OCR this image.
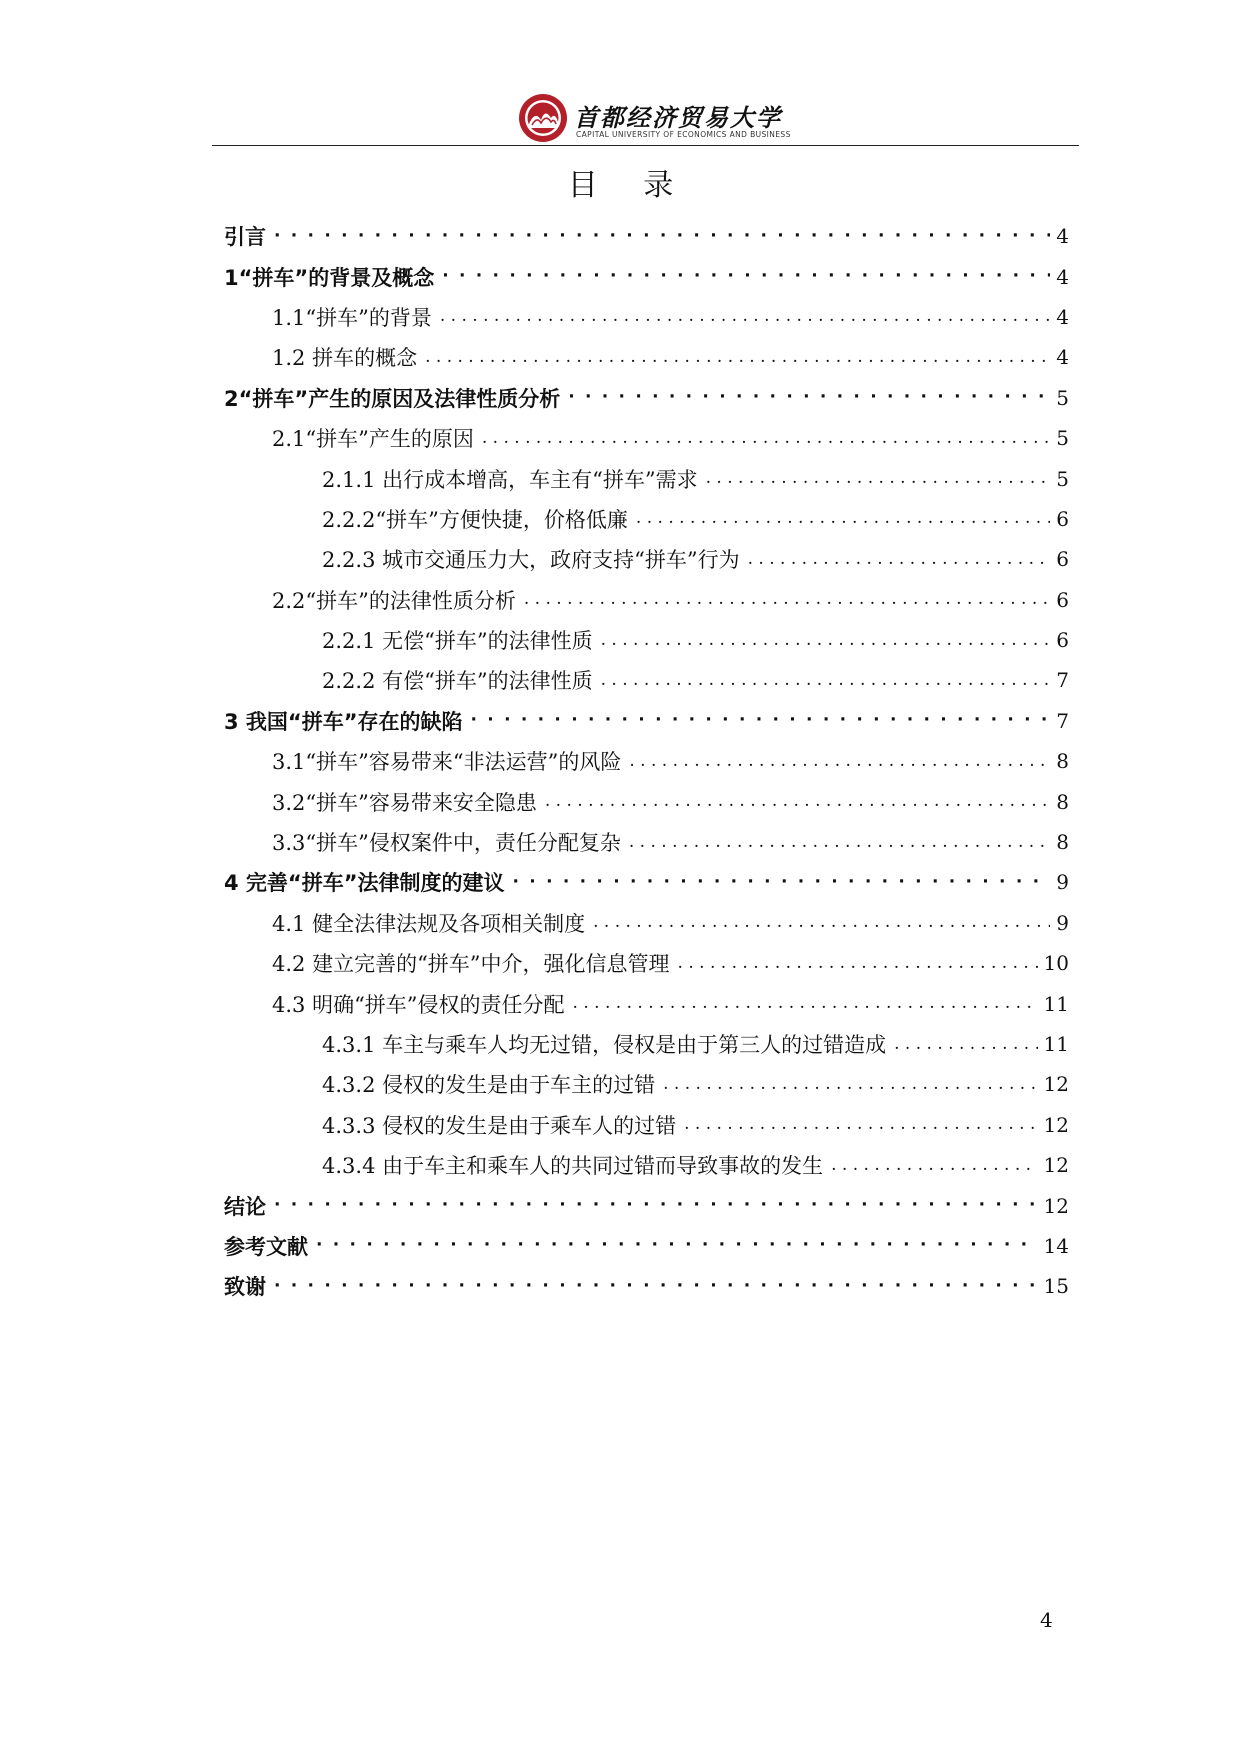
首都经济贸易大学
CAPITAL UNIVERSITY OF ECONOMICS AND BUSINESS
目 录
引言 · · ·	4
1“拼车”的背景及概念 · · ·	4
1.1“拼车”的背景 . . .	4
1.2 拼车的概念 . . .	4
2“拼车”产生的原因及法律性质分析 · · ·	5
2.1“拼车”产生的原因 . . .	5
2.1.1 出行成本增高，车主有“拼车”需求 . . .	5
2.2.2“拼车”方便快捷，价格低廉 . . .	6
2.2.3 城市交通压力大，政府支持“拼车”行为 . . .	6
2.2“拼车”的法律性质分析 . . .	6
2.2.1 无偿“拼车”的法律性质 . . .	6
2.2.2 有偿“拼车”的法律性质 . . .	7
3 我国“拼车”存在的缺陷 · · ·	7
3.1“拼车”容易带来“非法运营”的风险 . . .	8
3.2“拼车”容易带来安全隐患 . . .	8
3.3“拼车”侵权案件中，责任分配复杂 . . .	8
4 完善“拼车”法律制度的建议 · · ·	9
4.1 健全法律法规及各项相关制度 . . .	9
4.2 建立完善的“拼车”中介，强化信息管理 . . .	10
4.3 明确“拼车”侵权的责任分配 . . .	11
4.3.1 车主与乘车人均无过错，侵权是由于第三人的过错造成 . . .	11
4.3.2 侵权的发生是由于车主的过错 . . .	12
4.3.3 侵权的发生是由于乘车人的过错 . . .	12
4.3.4 由于车主和乘车人的共同过错而导致事故的发生 . . .	12
结论 · · ·	12
参考文献 · · ·	14
致谢 · · ·	15
4
